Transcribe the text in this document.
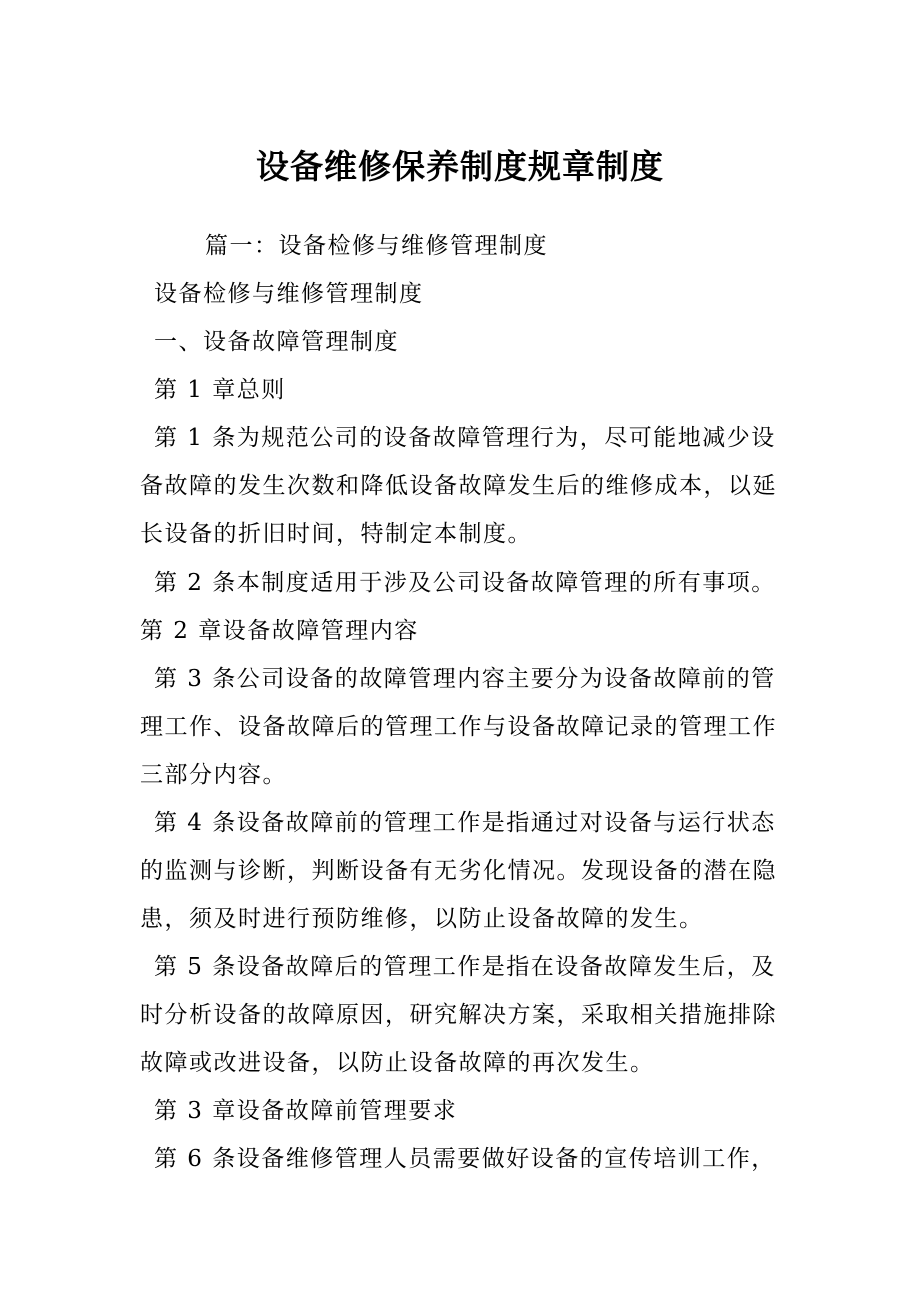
设备维修保养制度规章制度
篇一：设备检修与维修管理制度
设备检修与维修管理制度
一、设备故障管理制度
第 1 章总则
第 1 条为规范公司的设备故障管理行为，尽可能地减少设
备故障的发生次数和降低设备故障发生后的维修成本，以延
长设备的折旧时间，特制定本制度。
第 2 条本制度适用于涉及公司设备故障管理的所有事项。
第 2 章设备故障管理内容
第 3 条公司设备的故障管理内容主要分为设备故障前的管
理工作、设备故障后的管理工作与设备故障记录的管理工作
三部分内容。
第 4 条设备故障前的管理工作是指通过对设备与运行状态
的监测与诊断，判断设备有无劣化情况。发现设备的潜在隐
患，须及时进行预防维修，以防止设备故障的发生。
第 5 条设备故障后的管理工作是指在设备故障发生后，及
时分析设备的故障原因，研究解决方案，采取相关措施排除
故障或改进设备，以防止设备故障的再次发生。
第 3 章设备故障前管理要求
第 6 条设备维修管理人员需要做好设备的宣传培训工作，
